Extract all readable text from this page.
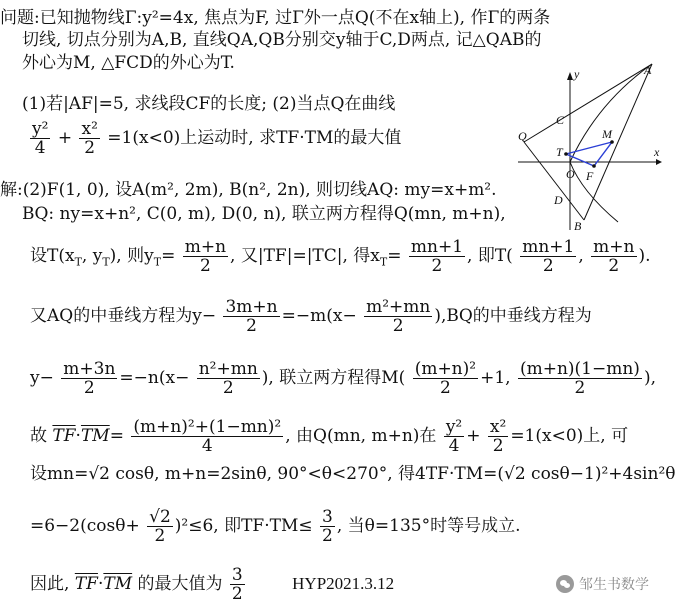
问题:已知抛物线Γ:y²=4x, 焦点为F, 过Γ外一点Q(不在x轴上), 作Γ的两条
切线, 切点分别为A,B, 直线QA,QB分别交y轴于C,D两点, 记△QAB的
外心为M, △FCD的外心为T.
(1)若|AF|=5, 求线段CF的长度; (2)当点Q在曲线
$\frac{\text{y²}}{4} + \frac{\text{x²}}{2} =1(x<0)$上运动时, 求TF·TM的最大值
解:(2)F(1, 0), 设A(m², 2m), B(n², 2n), 则切线AQ: my=x+m².
BQ: ny=x+n², C(0, m), D(0, n), 联立两方程得Q(mn, m+n),
设$T(x_T$, $y_T$), 则$y_T= \frac{m+n}{2}$ , 又|TF|=|TC|, 得$x_T= \frac{mn+1}{2}$ , 即$T( \frac{mn+1}{2}$ , $\frac{m+n}{2}$ ).
又AQ的中垂线方程为$y- \frac{3m+n}{2} =-m(x- \frac{\text{m²+mn}}{2} ),BQ$的中垂线方程为
$y- \frac{m+3n}{2} =-n(x- \frac{\text{n²+mn}}{2}$ ), 联立两方程得$M( \frac{\text{(m+n)²}}{2} +1$, $\frac{(m+n)(1-mn)}{2}$ ),
故 $\overline{TF}\cdot\overline{TM}= \frac{\text{(m+n)²+(1−mn)²}}{4}$ , 由Q(mn, m+n)在 $\frac{\text{y²}}{4} + \frac{\text{x²}}{2} =1(x<0)$上, 可
设mn=√2 cosθ, m+n=2sinθ, 90°<θ<270°, 得4TF·TM=(√2 cosθ−1)²+4sin²θ
$=6-2(\cos\theta+ \frac{√2}{2} )^2\le 6$, 即$TF\cdot TM\le \frac{3}{2}$ , 当θ=135°时等号成立.
因此, $\overline{TF}\cdot\overline{TM}$ 的最大值为 $\frac{3}{2}$	HYP2021.3.12
A
B
C
D
M
O F
T
Q
x
y
邹生书数学
